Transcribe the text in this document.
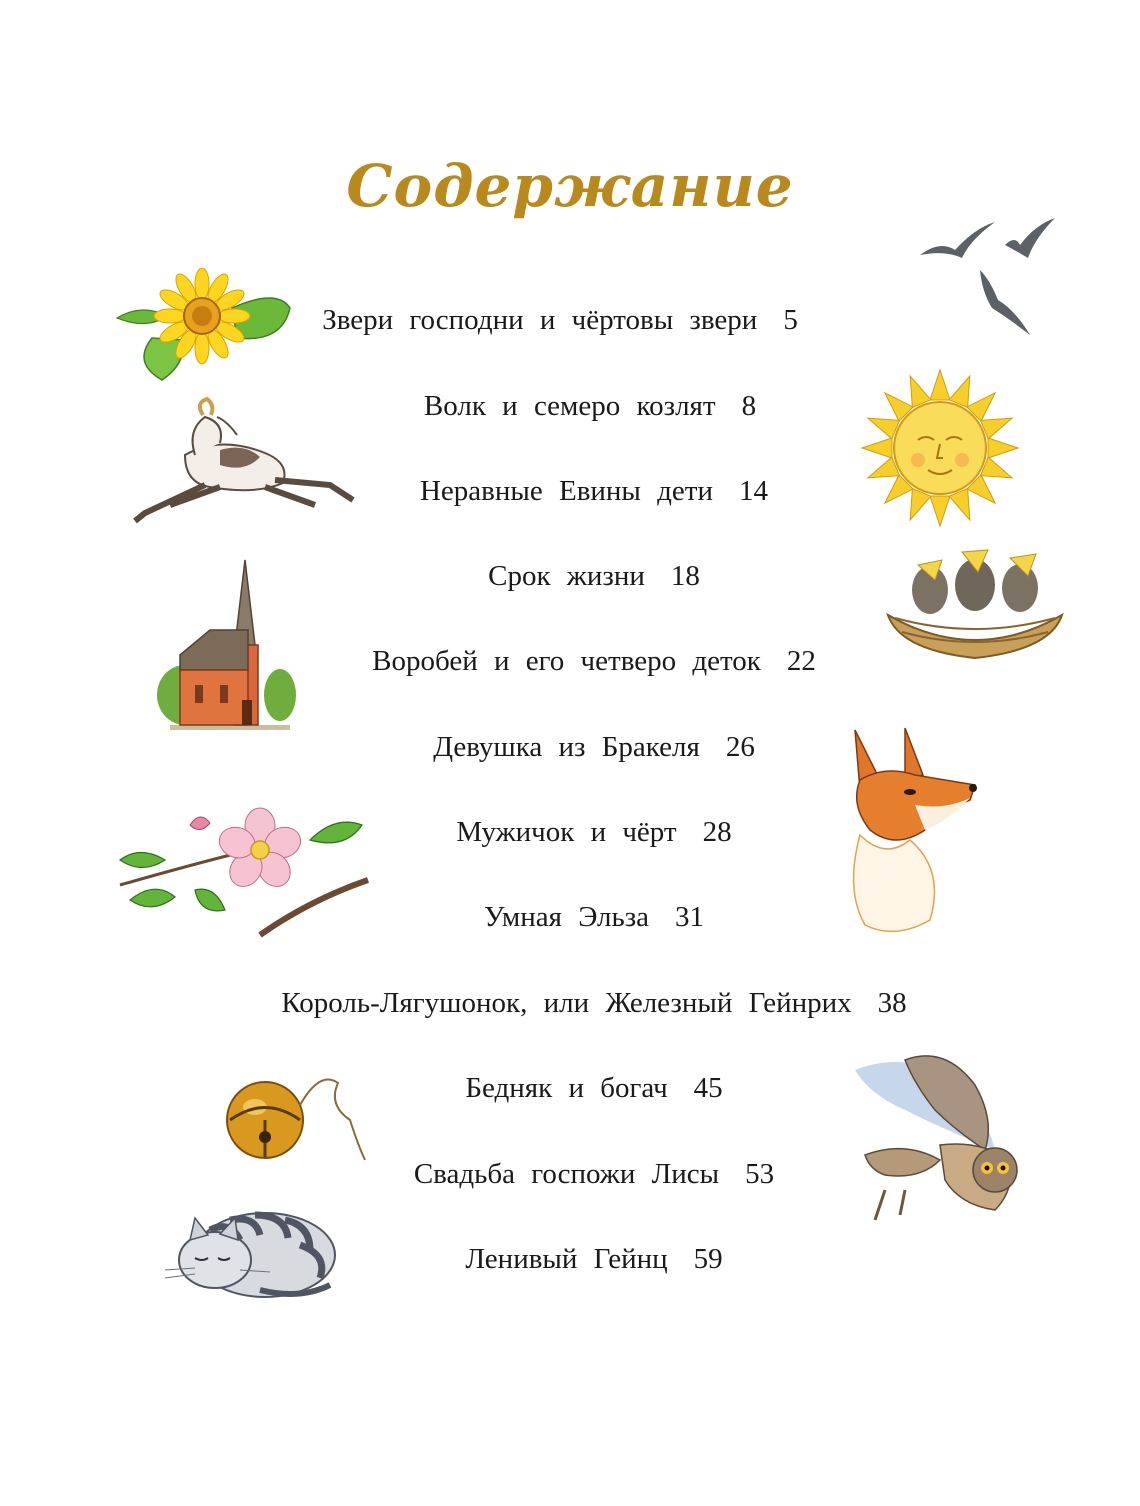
Содержание
Звери господни и чёртовы звери 5
Волк и семеро козлят 8
Неравные Евины дети 14
Срок жизни 18
Воробей и его четверо деток 22
Девушка из Бракеля 26
Мужичок и чёрт 28
Умная Эльза 31
Король-Лягушонок, или Железный Гейнрих 38
Бедняк и богач 45
Свадьба госпожи Лисы 53
Ленивый Гейнц 59
